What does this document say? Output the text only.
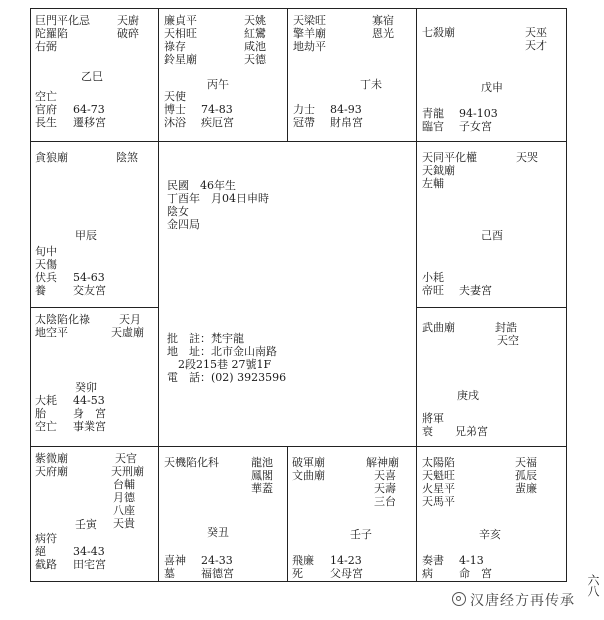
巨門平化忌
陀羅陷
右弼
天廚
破碎
乙巳
空亡
官府
長生
64-73
遷移宮
廉貞平
天相旺
祿存
鈴星廟
天姚
紅鸞
咸池
天德
丙午
天使
博士
沐浴
74-83
疾厄宮
天梁旺
擎羊廟
地劫平
寡宿
恩光
丁未
力士
冠帶
84-93
財帛宮
七殺廟	天巫
天才
戊申
青龍
臨官
94-103
子女宮
貪狼廟	陰煞
甲辰
旬中
天傷
伏兵
養
54-63
交友宮
太陰陷化祿
地空平
天月
天虛廟
癸卯
大耗
胎
空亡
44-53
身　宮
事業宮
民國　46年生
丁酉年　月04日申時
陰女
金四局
批　註：梵宇龍
地　址：北市金山南路
　2段215巷 27號1F
電　話：(02) 3923596
天同平化權
天鉞廟
左輔
天哭
己酉
小耗
帝旺 夫妻宮
武曲廟	封誥
天空
庚戌
將軍
衰 兄弟宮
紫微廟
天府廟
天官
天刑廟
台輔
月德
八座
天貴
壬寅
病符
絕
截路
34-43
田宅宮
天機陷化科	龍池
鳳閣
華蓋
癸丑
喜神
墓
24-33
福德宮
破軍廟
文曲廟
解神廟
天喜
天壽
三台
壬子
飛廉
死
14-23
父母宮
太陽陷
天魁旺
火星平
天馬平
天福
孤辰
蜚廉
辛亥
奏書
病
4-13
命　宮
六八
汉唐经方再传承
